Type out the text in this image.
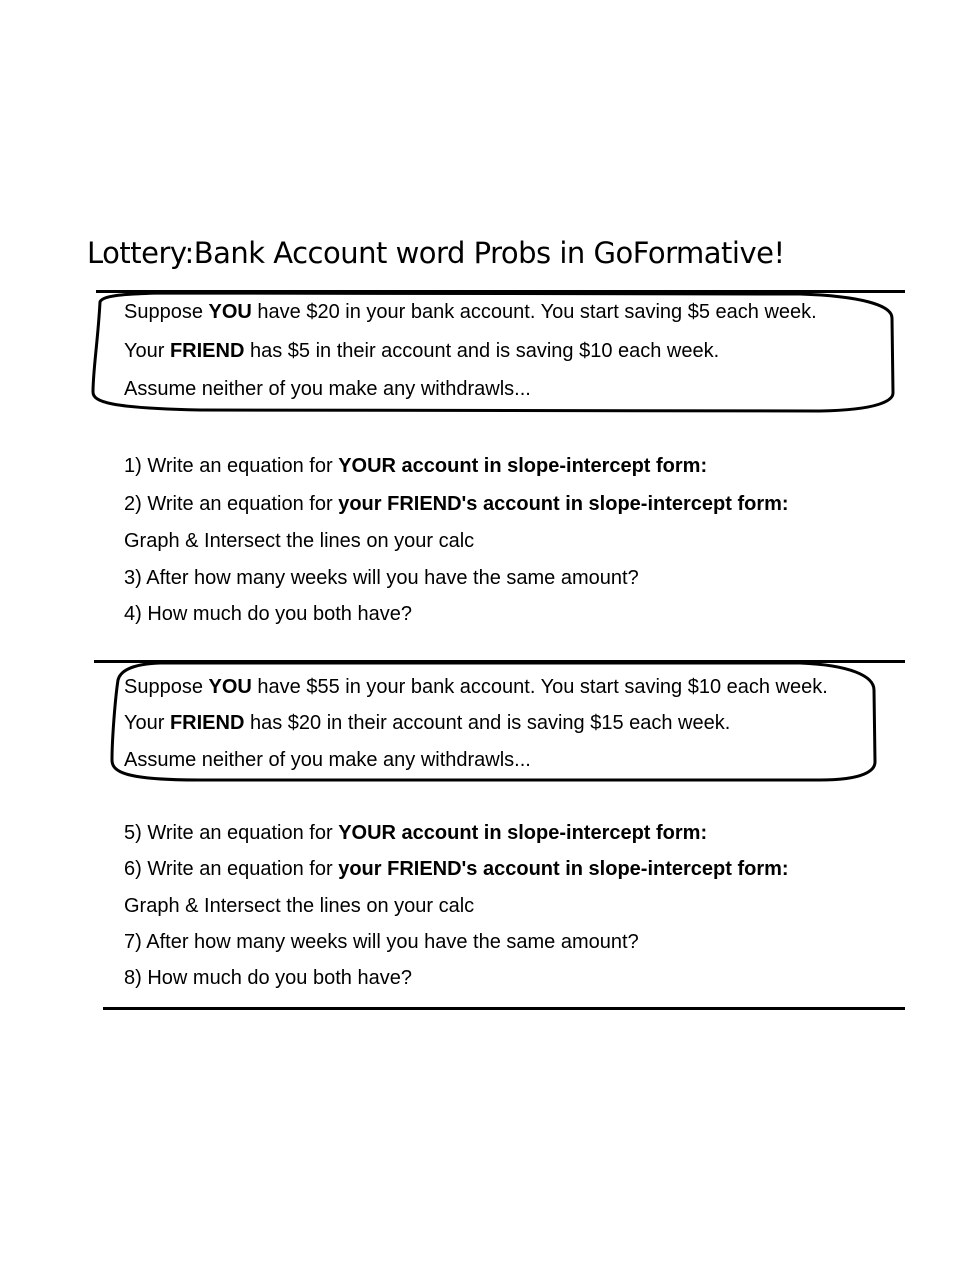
Lottery:Bank Account word Probs in GoFormative!
Suppose YOU have $20 in your bank account. You start saving $5 each week.
Your FRIEND has $5 in their account and is saving $10 each week.
Assume neither of you make any withdrawls...
1) Write an equation for YOUR account in slope-intercept form:
2) Write an equation for your FRIEND's account in slope-intercept form:
Graph & Intersect the lines on your calc
3) After how many weeks will you have the same amount?
4) How much do you both have?
Suppose YOU have $55 in your bank account. You start saving $10 each week.
Your FRIEND has $20 in their account and is saving $15 each week.
Assume neither of you make any withdrawls...
5) Write an equation for YOUR account in slope-intercept form:
6) Write an equation for your FRIEND's account in slope-intercept form:
Graph & Intersect the lines on your calc
7) After how many weeks will you have the same amount?
8) How much do you both have?
